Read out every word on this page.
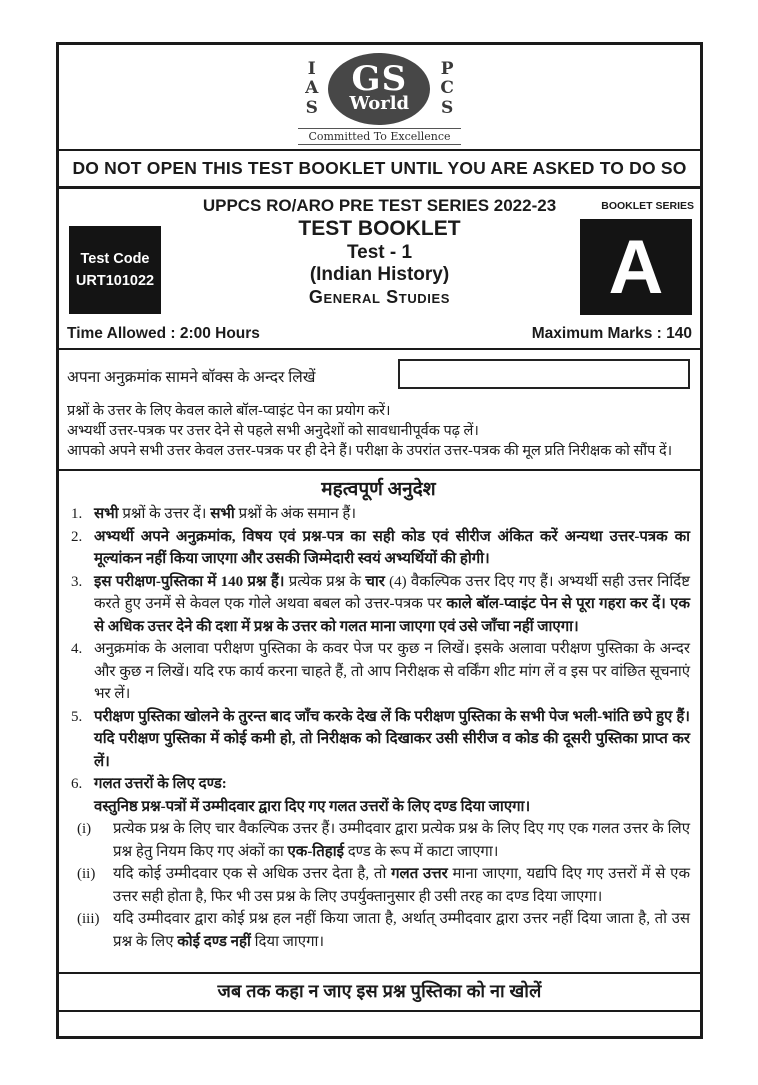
I
A
S
GS
World
P
C
S
Committed To Excellence
DO NOT OPEN THIS TEST BOOKLET UNTIL YOU ARE ASKED TO DO SO
UPPCS RO/ARO PRE TEST SERIES 2022-23	BOOKLET SERIES
Test Code
URT101022
TEST BOOKLET
Test - 1
(Indian History)
General Studies	A
Time Allowed : 2:00 Hours	Maximum Marks : 140
अपना अनुक्रमांक सामने बॉक्स के अन्दर लिखें
प्रश्नों के उत्तर के लिए केवल काले बॉल-प्वाइंट पेन का प्रयोग करें।
अभ्यर्थी उत्तर-पत्रक पर उत्तर देने से पहले सभी अनुदेशों को सावधानीपूर्वक पढ़ लें।
आपको अपने सभी उत्तर केवल उत्तर-पत्रक पर ही देने हैं। परीक्षा के उपरांत उत्तर-पत्रक की मूल प्रति निरीक्षक को सौंप दें।
महत्वपूर्ण अनुदेश
1. सभी प्रश्नों के उत्तर दें। सभी प्रश्नों के अंक समान हैं।
2. अभ्यर्थी अपने अनुक्रमांक, विषय एवं प्रश्न-पत्र का सही कोड एवं सीरीज अंकित करें अन्यथा उत्तर-पत्रक का मूल्यांकन नहीं किया जाएगा और उसकी जिम्मेदारी स्वयं अभ्यर्थियों की होगी।
3. इस परीक्षण-पुस्तिका में 140 प्रश्न हैं। प्रत्येक प्रश्न के चार (4) वैकल्पिक उत्तर दिए गए हैं। अभ्यर्थी सही उत्तर निर्दिष्ट करते हुए उनमें से केवल एक गोले अथवा बबल को उत्तर-पत्रक पर काले बॉल-प्वाइंट पेन से पूरा गहरा कर दें। एक से अधिक उत्तर देने की दशा में प्रश्न के उत्तर को गलत माना जाएगा एवं उसे जाँचा नहीं जाएगा।
4. अनुक्रमांक के अलावा परीक्षण पुस्तिका के कवर पेज पर कुछ न लिखें। इसके अलावा परीक्षण पुस्तिका के अन्दर और कुछ न लिखें। यदि रफ कार्य करना चाहते हैं, तो आप निरीक्षक से वर्किंग शीट मांग लें व इस पर वांछित सूचनाएं भर लें।
5. परीक्षण पुस्तिका खोलने के तुरन्त बाद जाँच करके देख लें कि परीक्षण पुस्तिका के सभी पेज भली-भांति छपे हुए हैं। यदि परीक्षण पुस्तिका में कोई कमी हो, तो निरीक्षक को दिखाकर उसी सीरीज व कोड की दूसरी पुस्तिका प्राप्त कर लें।
6. गलत उत्तरों के लिए दण्ड:
वस्तुनिष्ठ प्रश्न-पत्रों में उम्मीदवार द्वारा दिए गए गलत उत्तरों के लिए दण्ड दिया जाएगा।
(i)	प्रत्येक प्रश्न के लिए चार वैकल्पिक उत्तर हैं। उम्मीदवार द्वारा प्रत्येक प्रश्न के लिए दिए गए एक गलत उत्तर के लिए प्रश्न हेतु नियम किए गए अंकों का एक-तिहाई दण्ड के रूप में काटा जाएगा।
(ii)	यदि कोई उम्मीदवार एक से अधिक उत्तर देता है, तो गलत उत्तर माना जाएगा, यद्यपि दिए गए उत्तरों में से एक उत्तर सही होता है, फिर भी उस प्रश्न के लिए उपर्युक्तानुसार ही उसी तरह का दण्ड दिया जाएगा।
(iii) यदि उम्मीदवार द्वारा कोई प्रश्न हल नहीं किया जाता है, अर्थात् उम्मीदवार द्वारा उत्तर नहीं दिया जाता है, तो उस प्रश्न के लिए कोई दण्ड नहीं दिया जाएगा।
जब तक कहा न जाए इस प्रश्न पुस्तिका को ना खोलें
